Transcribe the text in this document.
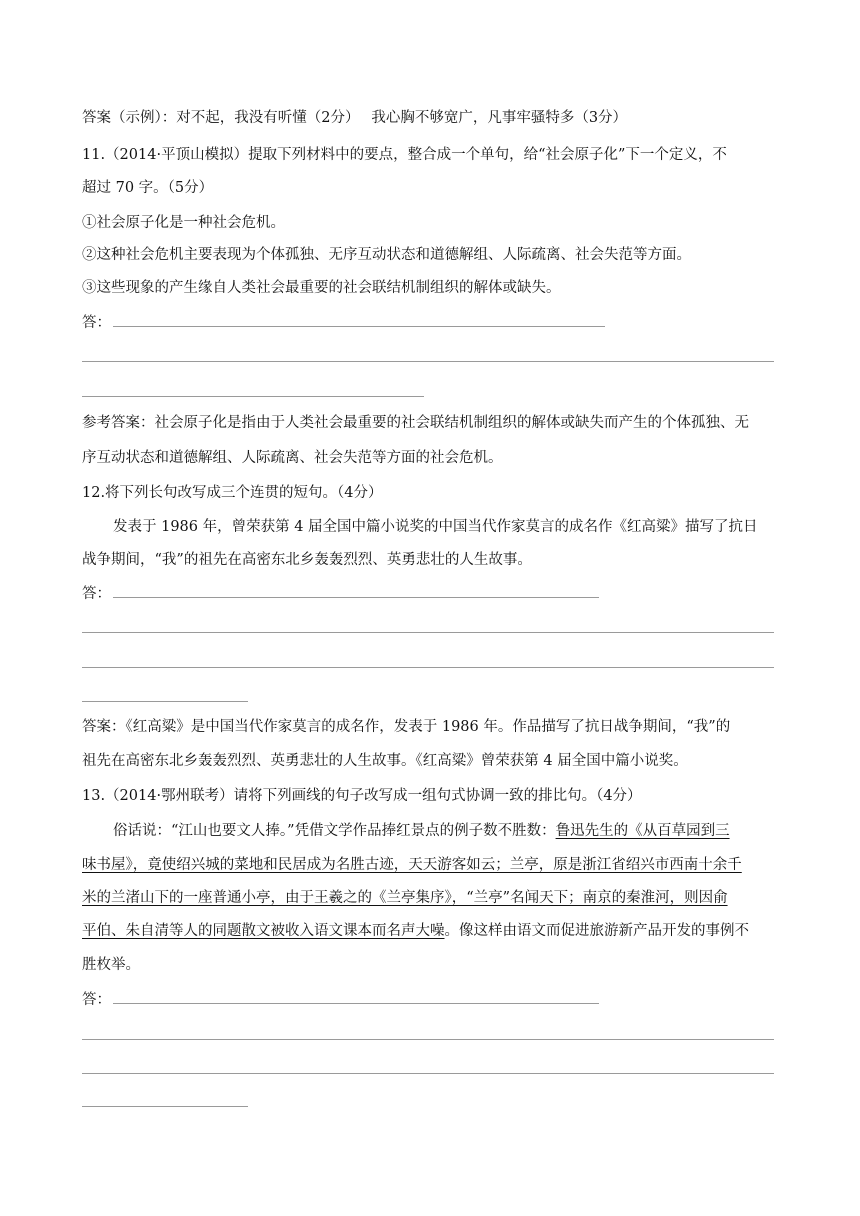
答案（示例）：对不起，我没有听懂（2分）　 我心胸不够宽广，凡事牢骚特多（3分）
11.（2014·平顶山模拟）提取下列材料中的要点，整合成一个单句，给“社会原子化”下一个定义，不
超过 70 字。（5分）
①社会原子化是一种社会危机。
②这种社会危机主要表现为个体孤独、无序互动状态和道德解组、人际疏离、社会失范等方面。
③这些现象的产生缘自人类社会最重要的社会联结机制组织的解体或缺失。
答：
参考答案：社会原子化是指由于人类社会最重要的社会联结机制组织的解体或缺失而产生的个体孤独、无
序互动状态和道德解组、人际疏离、社会失范等方面的社会危机。
12.将下列长句改写成三个连贯的短句。（4分）
发表于 1986 年，曾荣获第 4 届全国中篇小说奖的中国当代作家莫言的成名作《红高粱》描写了抗日
战争期间，“我”的祖先在高密东北乡轰轰烈烈、英勇悲壮的人生故事。
答：
答案：《红高粱》是中国当代作家莫言的成名作，发表于 1986 年。作品描写了抗日战争期间，“我”的
祖先在高密东北乡轰轰烈烈、英勇悲壮的人生故事。《红高粱》曾荣获第 4 届全国中篇小说奖。
13.（2014·鄂州联考）请将下列画线的句子改写成一组句式协调一致的排比句。（4分）
俗话说：“江山也要文人捧。”凭借文学作品捧红景点的例子数不胜数：鲁迅先生的《从百草园到三
味书屋》，竟使绍兴城的菜地和民居成为名胜古迹，天天游客如云；兰亭，原是浙江省绍兴市西南十余千
米的兰渚山下的一座普通小亭，由于王羲之的《兰亭集序》，“兰亭”名闻天下；南京的秦淮河，则因俞
平伯、朱自清等人的同题散文被收入语文课本而名声大噪。像这样由语文而促进旅游新产品开发的事例不
胜枚举。
答：
